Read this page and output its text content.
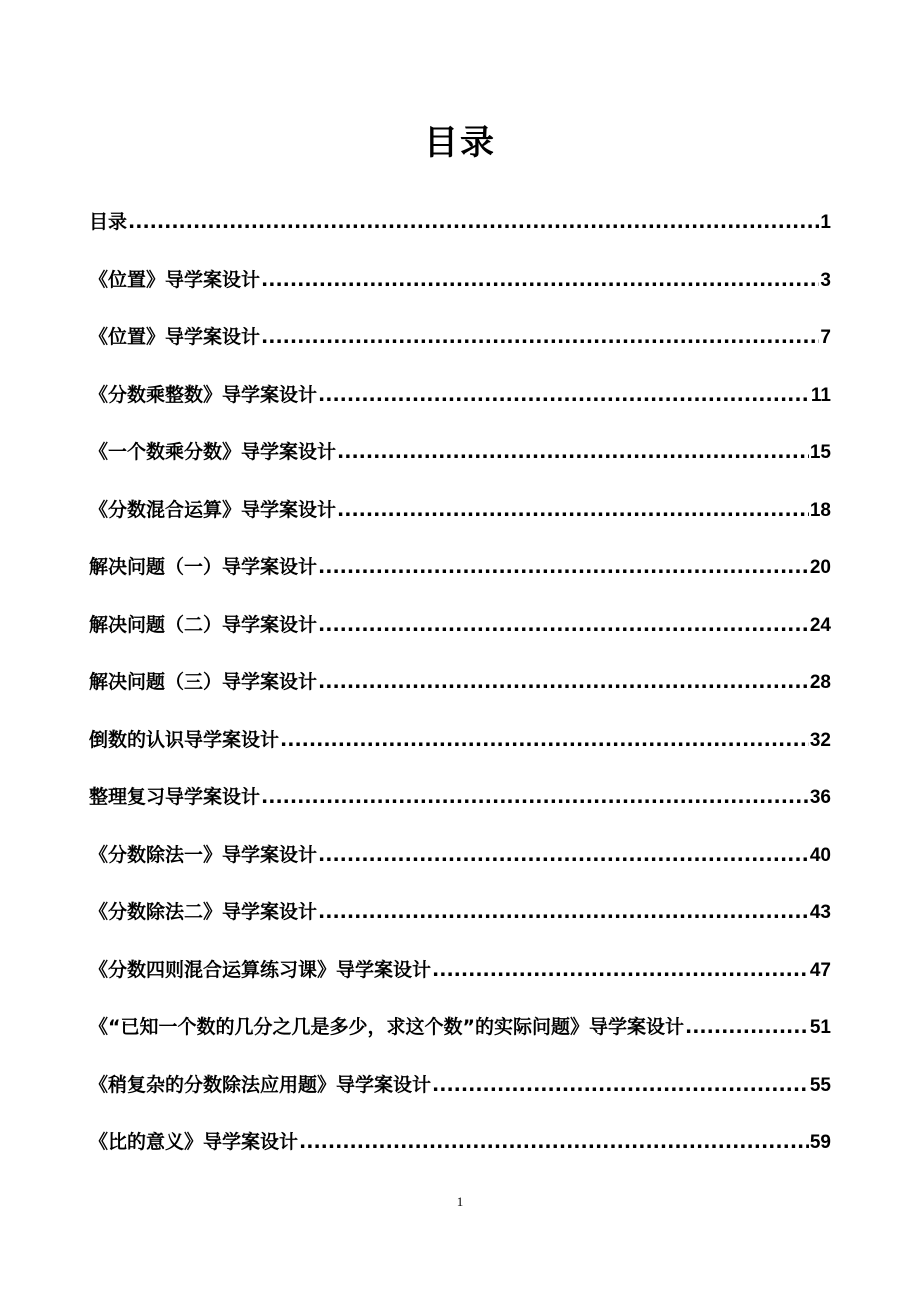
目录
目录 .....	1
《位置》导学案设计 .....	3
《位置》导学案设计 .....	7
《分数乘整数》导学案设计 .....	11
《一个数乘分数》导学案设计 .....	15
《分数混合运算》导学案设计 .....	18
解决问题（一）导学案设计 .....	20
解决问题（二）导学案设计 .....	24
解决问题（三）导学案设计 .....	28
倒数的认识导学案设计 .....	32
整理复习导学案设计 .....	36
《分数除法一》导学案设计 .....	40
《分数除法二》导学案设计 .....	43
《分数四则混合运算练习课》导学案设计 .....	47
《“已知一个数的几分之几是多少，求这个数”的实际问题》导学案设计 .....	51
《稍复杂的分数除法应用题》导学案设计 .....	55
《比的意义》导学案设计 .....	59
1
